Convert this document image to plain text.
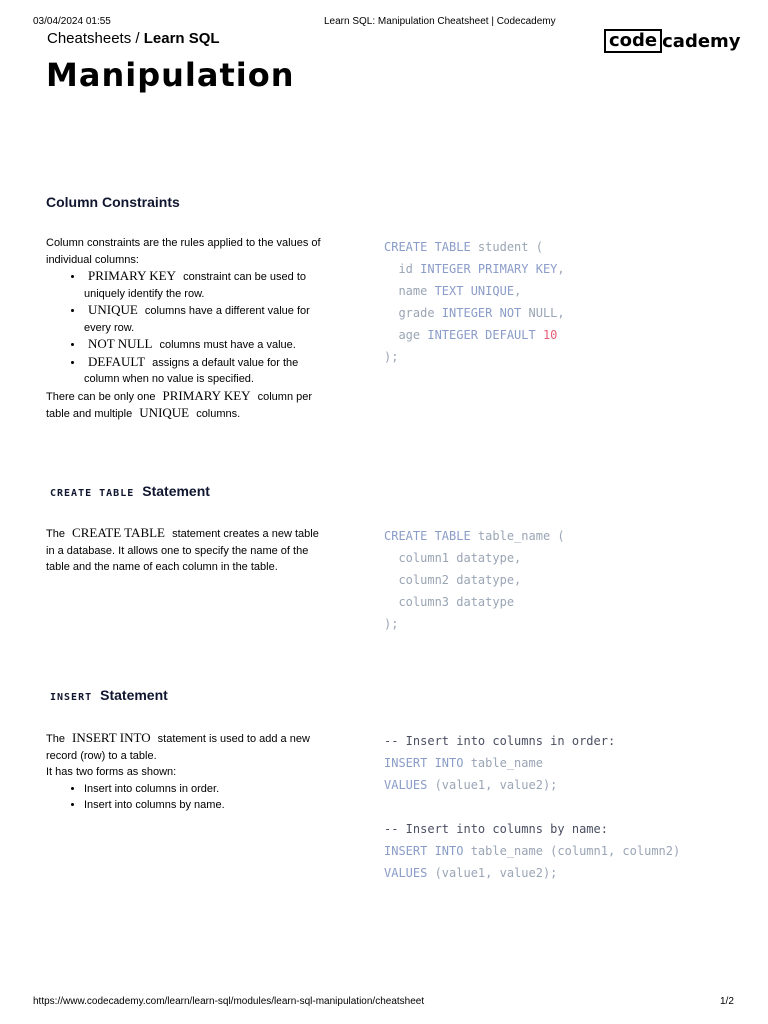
03/04/2024 01:55	Learn SQL: Manipulation Cheatsheet | Codecademy
Cheatsheets / Learn SQL	code cademy
Manipulation
Column Constraints

Column constraints are the rules applied to the values of individual columns:

• PRIMARY KEY constraint can be used to uniquely identify the row.
• UNIQUE columns have a different value for every row.
• NOT NULL columns must have a value.
• DEFAULT assigns a default value for the column when no value is specified.

There can be only one PRIMARY KEY column per table and multiple UNIQUE columns.

CREATE TABLE student (
id INTEGER PRIMARY KEY,
name TEXT UNIQUE,
grade INTEGER NOT NULL,
age INTEGER DEFAULT 10
);
CREATE TABLE Statement

The CREATE TABLE statement creates a new table in a database. It allows one to specify the name of the table and the name of each column in the table.

CREATE TABLE table_name (
column1 datatype,
column2 datatype,
column3 datatype
);
INSERT Statement

The INSERT INTO statement is used to add a new record (row) to a table.

It has two forms as shown:

• Insert into columns in order.
• Insert into columns by name.
-- Insert into columns in order:
INSERT INTO table_name
VALUES (value1, value2);

-- Insert into columns by name:
INSERT INTO table_name (column1, column2)
VALUES (value1, value2);
https://www.codecademy.com/learn/learn-sql/modules/learn-sql-manipulation/cheatsheet	1/2
